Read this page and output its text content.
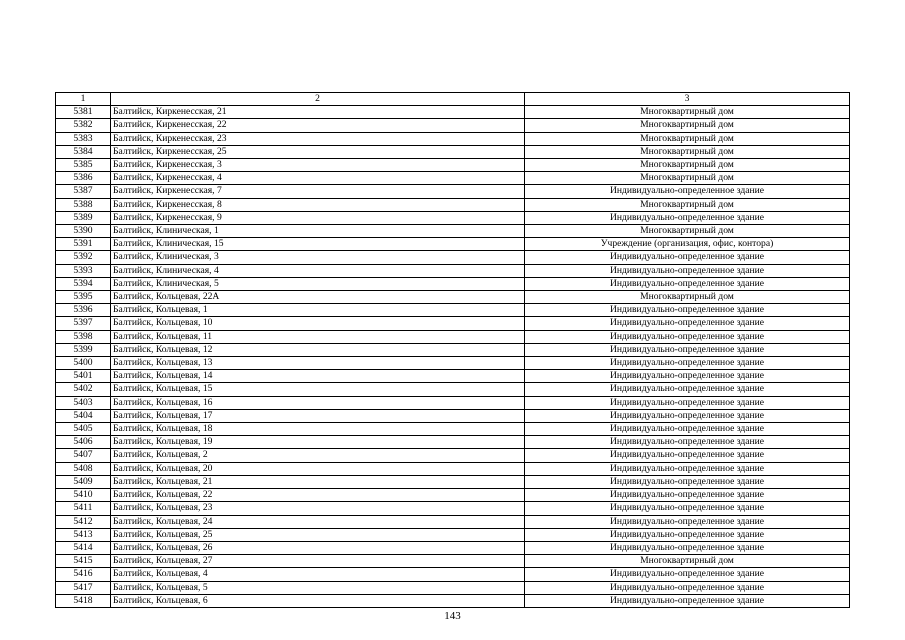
1	2	3
5381	Балтийск, Киркенесская, 21	Многоквартирный дом
5382	Балтийск, Киркенесская, 22	Многоквартирный дом
5383	Балтийск, Киркенесская, 23	Многоквартирный дом
5384	Балтийск, Киркенесская, 25	Многоквартирный дом
5385	Балтийск, Киркенесская, 3	Многоквартирный дом
5386	Балтийск, Киркенесская, 4	Многоквартирный дом
5387	Балтийск, Киркенесская, 7	Индивидуально-определенное здание
5388	Балтийск, Киркенесская, 8	Многоквартирный дом
5389	Балтийск, Киркенесская, 9	Индивидуально-определенное здание
5390	Балтийск, Клиническая, 1	Многоквартирный дом
5391	Балтийск, Клиническая, 15	Учреждение (организация, офис, контора)
5392	Балтийск, Клиническая, 3	Индивидуально-определенное здание
5393	Балтийск, Клиническая, 4	Индивидуально-определенное здание
5394	Балтийск, Клиническая, 5	Индивидуально-определенное здание
5395	Балтийск, Кольцевая, 22А	Многоквартирный дом
5396	Балтийск, Кольцевая, 1	Индивидуально-определенное здание
5397	Балтийск, Кольцевая, 10	Индивидуально-определенное здание
5398	Балтийск, Кольцевая, 11	Индивидуально-определенное здание
5399	Балтийск, Кольцевая, 12	Индивидуально-определенное здание
5400	Балтийск, Кольцевая, 13	Индивидуально-определенное здание
5401	Балтийск, Кольцевая, 14	Индивидуально-определенное здание
5402	Балтийск, Кольцевая, 15	Индивидуально-определенное здание
5403	Балтийск, Кольцевая, 16	Индивидуально-определенное здание
5404	Балтийск, Кольцевая, 17	Индивидуально-определенное здание
5405	Балтийск, Кольцевая, 18	Индивидуально-определенное здание
5406	Балтийск, Кольцевая, 19	Индивидуально-определенное здание
5407	Балтийск, Кольцевая, 2	Индивидуально-определенное здание
5408	Балтийск, Кольцевая, 20	Индивидуально-определенное здание
5409	Балтийск, Кольцевая, 21	Индивидуально-определенное здание
5410	Балтийск, Кольцевая, 22	Индивидуально-определенное здание
5411	Балтийск, Кольцевая, 23	Индивидуально-определенное здание
5412	Балтийск, Кольцевая, 24	Индивидуально-определенное здание
5413	Балтийск, Кольцевая, 25	Индивидуально-определенное здание
5414	Балтийск, Кольцевая, 26	Индивидуально-определенное здание
5415	Балтийск, Кольцевая, 27	Многоквартирный дом
5416	Балтийск, Кольцевая, 4	Индивидуально-определенное здание
5417	Балтийск, Кольцевая, 5	Индивидуально-определенное здание
5418	Балтийск, Кольцевая, 6	Индивидуально-определенное здание
143
